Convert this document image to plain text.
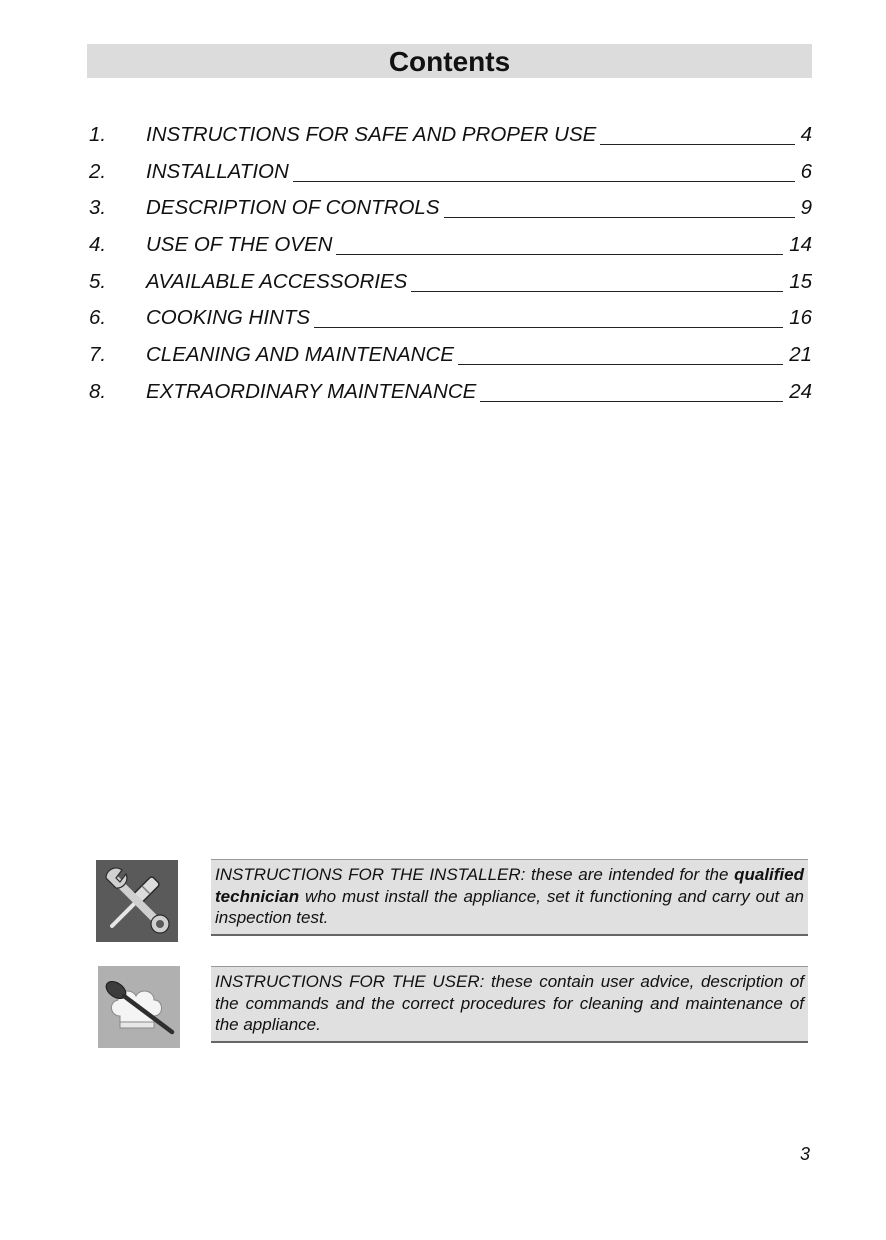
Contents
1. INSTRUCTIONS FOR SAFE AND PROPER USE	4
2. INSTALLATION	6
3. DESCRIPTION OF CONTROLS	9
4. USE OF THE OVEN	14
5. AVAILABLE ACCESSORIES	15
6. COOKING HINTS	16
7. CLEANING AND MAINTENANCE	21
8. EXTRAORDINARY MAINTENANCE	24
INSTRUCTIONS FOR THE INSTALLER: these are intended for the qualified technician who must install the appliance, set it functioning and carry out an inspection test.
INSTRUCTIONS FOR THE USER: these contain user advice, description of the commands and the correct procedures for cleaning and maintenance of the appliance.
3
